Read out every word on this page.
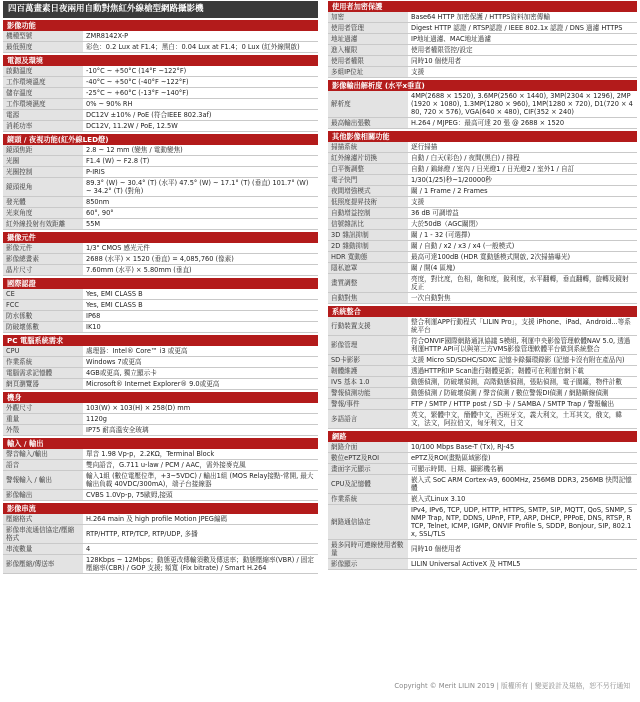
四百萬畫素日夜兩用自動對焦紅外線槍型網路攝影機
影像功能
機種型號	ZMR8142X-P
最低照度	彩色：0.2 Lux at F1.4；黑白：0.04 Lux at F1.4；0 Lux (紅外線開啟)
電源及環境
啟動溫度	-10°C ~ +50°C (14°F ~122°F)
工作環境溫度	-40°C ~ +50°C (-40°F ~122°F)
儲存溫度	-25°C ~ +60°C (-13°F ~140°F)
工作環境濕度	0% ~ 90% RH
電源	DC12V ±10% / PoE (符合IEEE 802.3af)
消耗功率	DC12V, 11.2W / PoE, 12.5W
鏡頭 / 夜視功能(紅外線LED燈)
鏡頭焦距	2.8 ~ 12 mm (變焦 / 電動變焦)
光圈	F1.4 (W) ~ F2.8 (T)
光圈控制	P-IRIS
鏡頭視角	89.3° (W) ~ 30.4° (T) (水平) 47.5° (W) ~ 17.1° (T) (垂直) 101.7° (W) ~ 34.2° (T) (對角)
發光體	850nm
光束角度	60°, 90°
紅外線投射有效距離	55M
攝像元件
影像元件	1/3" CMOS 感光元件
影像總畫素	2688 (水平) × 1520 (垂直) = 4,085,760 (像素)
晶片尺寸	7.60mm (水平) × 5.80mm (垂直)
國際認證
CE	Yes, EMI CLASS B
FCC	Yes, EMI CLASS B
防水係數	IP68
防破壞係數	IK10
PC 電腦系統需求
CPU	處理器：Intel® Core™ i3 或更高
作業系統	Windows 7或更高
電腦需求記憶體	4GB或更高, 獨立顯示卡
網頁瀏覽器	Microsoft® Internet Explorer® 9.0或更高
機身
外觀尺寸	103(W) × 103(H) × 258(D) mm
重量	1120g
外殼	IP75 耐高溫安全玻璃
輸入 / 輸出
聲音輸入/輸出	單音 1.98 Vp-p，2.2KΩ，Terminal Block
語音	雙向語音，G.711 u-law / PCM / AAC，需外接麥克風
警報輸入 / 輸出	輸入1組 (數位電壓位準，+3~5VDC) / 輸出1組 (MOS Relay接點-常開, 最大輸出負載 40VDC/300mA)，端子台接線器
影像輸出	CVBS 1.0Vp-p, 75歐姆,接頭
影像串流
壓縮格式	H.264 main 及 high profile Motion JPEG編碼
影像串流通信協定/壓縮格式	RTP/HTTP, RTP/TCP, RTP/UDP, 多播
串流數量	4
影像壓縮/傳送率	128Kbps ~ 12Mbps；動態更改傳輸須數及傳送率；動態壓縮率(VBR) / 固定壓縮率(CBR) / GOP 支援; 頻寬 (Fix bitrate) / Smart H.264
使用者加密保護
加密	Base64 HTTP 加密保護 / HTTPS資料加密傳輸
使用者管理	Digest HTTP 認證 / RTSP認證 / IEEE 802.1x 認證 / DNS 過濾 HTTPS
地址過濾	IP地址過濾、MAC地址過濾
進入權限	使用者權限管控/設定
使用者權限	同時10 個使用者
多組IP位址	支援
影像輸出解析度 (水平x垂直)
解析度	4MP(2688 × 1520), 3.6MP(2560 × 1440), 3MP(2304 × 1296), 2MP(1920 × 1080), 1.3MP(1280 × 960), 1MP(1280 × 720), D1(720 × 480, 720 × 576), VGA(640 × 480), CIF(352 × 240)
最高輸出張數	H.264 / MJPEG：最高可達 20 張 @ 2688 × 1520
其他影像相關功能
掃描系統	逐行掃描
紅外線濾片切換	自動 / 白天(彩色) / 夜間(黑白) / 排程
白平衡調整	自動 / 鎢絲燈 / 室內 / 日光燈1 / 日光燈2 / 室外1 / 自訂
電子快門	1/30(1/25)秒~1/20000秒
夜間增強模式	關 / 1 Frame / 2 Frames
低照度提昇技術	支援
自動增益控制	36 dB 可調增益
信號雜訊比	大於50dB（AGC關閉）
3D 雜訊抑制	關 / 1 - 32 (可選擇)
2D 雜動抑制	關 / 自動 / x2 / x3 / x4 (一般模式)
HDR 寬動態	最高可達100dB (HDR 寬動態模式開啟, 2次掃描曝光)
隱私遮罩	關 / 開(4 區塊)
畫質調整	亮度，對比度，色相，飽和度，銳利度，水平翻轉，垂直翻轉，旋轉及鏡射反正
自動對焦	一次自動對焦
系統整合
行動裝置支援	整合利運APP行動程式「LILIN Pro」，支援 iPhone、iPad、Android...等系統平台
影像管理	符合ONVIF國際網路通訊協議 S模組, 利運中央影像管理軟體NAV 5.0, 透過利運HTTP API可以與第三方VMS影像管理軟體平台做到系統整合
SD卡影影	支援 Micro SD/SDHC/SDXC 記憶卡錄攝環錄影 (記憶卡沒有附在產品內)
韌體維護	透過HTTP和IP Scan進行韌體更新；韌體可在利運官網下載
IVS 基本 1.0	動態偵測，防破壞偵測，高階動態偵測，張貼偵測，電子圍籬，物件計數
警報偵測功能	動態偵測 / 防破壞偵測 / 聲音偵測 / 數位警報DI偵測 / 網路斷線偵測
警報/事件	FTP / SMTP / HTTP post / SD 卡 / SAMBA / SMTP Trap / 警報輸出
多語語言	英文，繁體中文，簡體中文，西班牙文，義大利文，土耳其文，俄文，韓文，法文，阿拉伯文，匈牙利文，日文
網路
網路介面	10/100 Mbps Base-T (Tx), RJ-45
數位ePTZ及ROI	ePTZ及ROI(畫點區域影像)
畫面字元顯示	可顯示時間、日期、攝影機名稱
CPU及記憶體	嵌入式 SoC ARM Cortex-A9, 600MHz, 256MB DDR3, 256MB 快閃記憶體
作業系統	嵌入式Linux 3.10
網路通信協定	IPv4, IPv6, TCP, UDP, HTTP, HTTPS, SMTP, SIP, MQTT, QoS, SNMP, SNMP Trap, NTP, DDNS, UPnP, FTP, ARP, DHCP, PPPoE, DNS, RTSP, RTCP, Telnet, ICMP, IGMP, ONVIF Profile S, SDDP, Bonjour, SIP, 802.1x, SSL/TLS
最多同時可連線使用者數量	同時10 個使用者
影像顯示	LILIN Universal ActiveX 及 HTML5
Copyright © Merit LILIN 2019 | 版權所有 | 變更設計及規格，恕不另行通知
